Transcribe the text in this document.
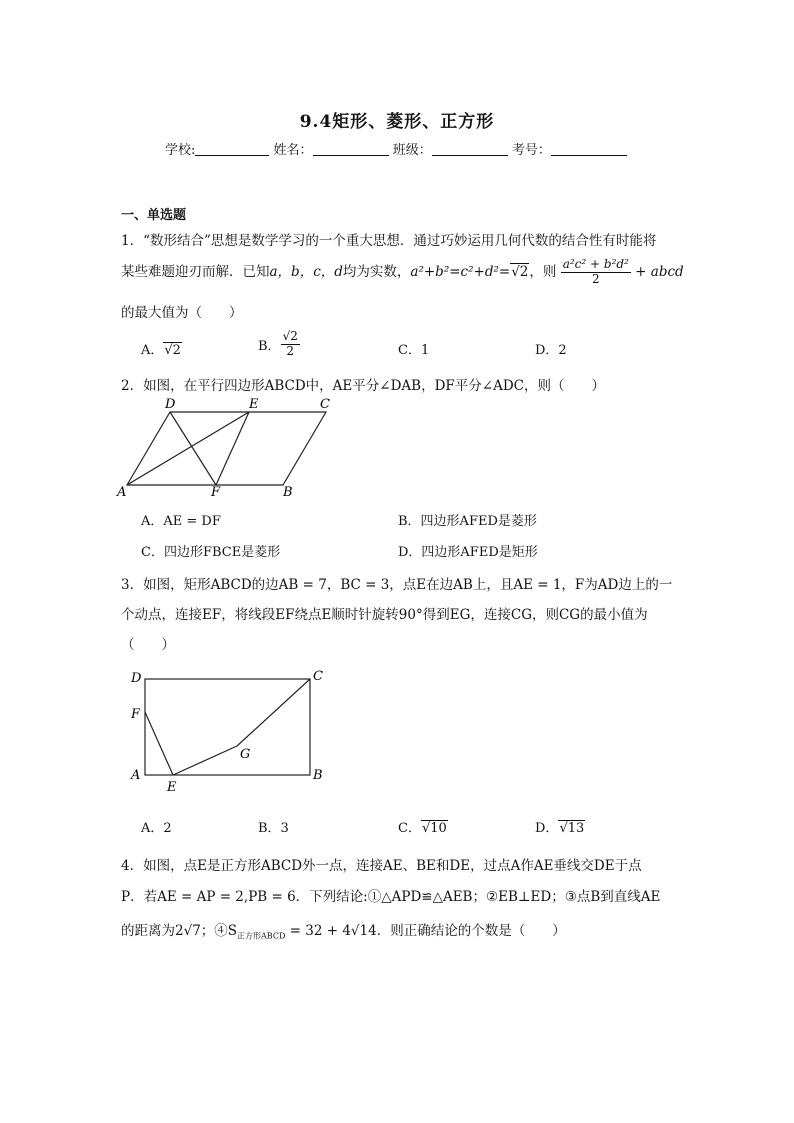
9.4矩形、菱形、正方形
学校:	姓名：	班级：	考号：
一、单选题
1．“数形结合”思想是数学学习的一个重大思想．通过巧妙运用几何代数的结合性有时能将
某些难题迎刃而解．已知a，b，c，d均为实数，a²+b²=c²+d²=√2，则 $\frac{\text{a²c² + b²d²}}{2}$ + abcd
的最大值为（　　）
A．√2	B． $\frac{√2}{2}$	C．1	D．2
2．如图，在平行四边形ABCD中，AE平分∠DAB，DF平分∠ADC，则（　　）
A
D	E	C
F	B
A．AE = DF	B．四边形AFED是菱形
C．四边形FBCE是菱形	D．四边形AFED是矩形
3．如图，矩形ABCD的边AB = 7，BC = 3，点E在边AB上，且AE = 1，F为AD边上的一
个动点，连接EF，将线段EF绕点E顺时针旋转90°得到EG，连接CG，则CG的最小值为
（　　）
A
D	C
B
F
E
G
A．2	B．3	C．√10	D．√13
4．如图，点E是正方形ABCD外一点，连接AE、BE和DE，过点A作AE垂线交DE于点
P．若AE = AP = 2,PB = 6．下列结论:①△APD≌△AEB；②EB⊥ED；③点B到直线AE
的距离为2√7；$④S_{正方形ABCD} = 32 + 4√14$．则正确结论的个数是（　　）
